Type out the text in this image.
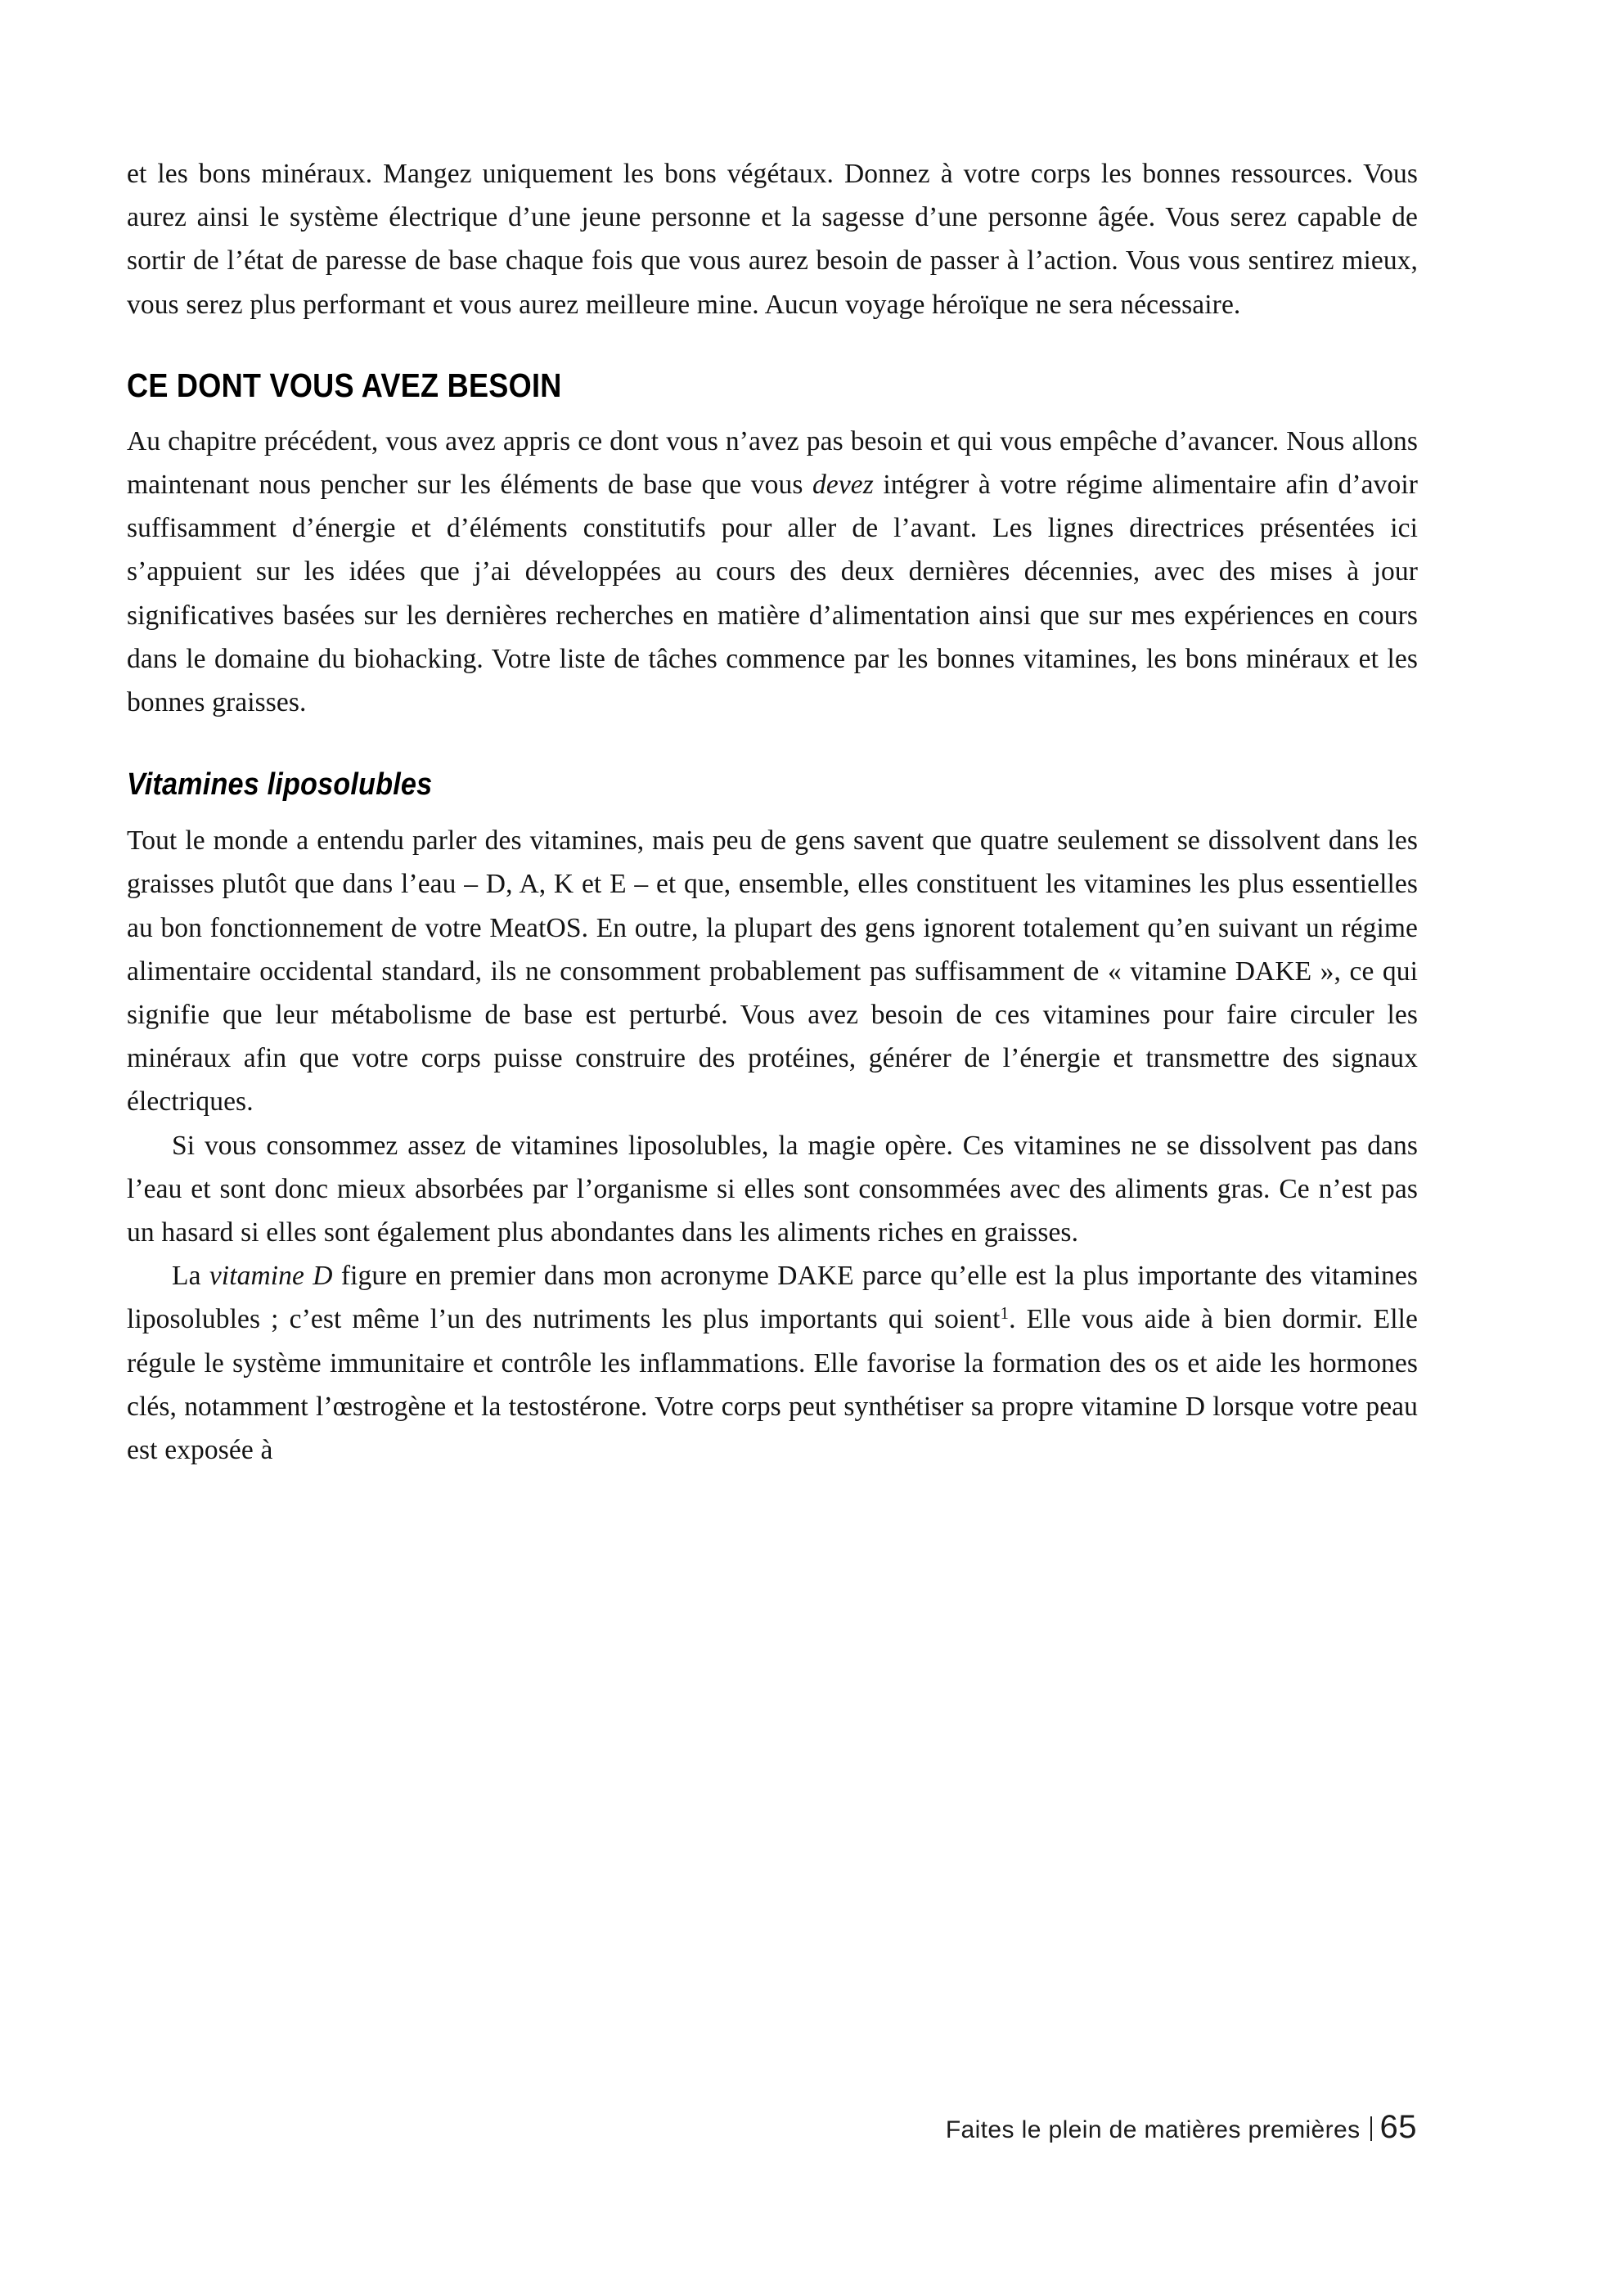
et les bons minéraux. Mangez uniquement les bons végétaux. Donnez à votre corps les bonnes ressources. Vous aurez ainsi le système électrique d’une jeune personne et la sagesse d’une personne âgée. Vous serez capable de sortir de l’état de paresse de base chaque fois que vous aurez besoin de passer à l’action. Vous vous sentirez mieux, vous serez plus performant et vous aurez meilleure mine. Aucun voyage héroïque ne sera nécessaire.

CE DONT VOUS AVEZ BESOIN

Au chapitre précédent, vous avez appris ce dont vous n’avez pas besoin et qui vous empêche d’avancer. Nous allons maintenant nous pencher sur les éléments de base que vous devez intégrer à votre régime alimentaire afin d’avoir suffisamment d’énergie et d’éléments constitutifs pour aller de l’avant. Les lignes directrices présentées ici s’appuient sur les idées que j’ai développées au cours des deux dernières décennies, avec des mises à jour significatives basées sur les dernières recherches en matière d’alimentation ainsi que sur mes expériences en cours dans le domaine du biohacking. Votre liste de tâches commence par les bonnes vitamines, les bons minéraux et les bonnes graisses.

Vitamines liposolubles

Tout le monde a entendu parler des vitamines, mais peu de gens savent que quatre seulement se dissolvent dans les graisses plutôt que dans l’eau – D, A, K et E – et que, ensemble, elles constituent les vitamines les plus essentielles au bon fonctionnement de votre MeatOS. En outre, la plupart des gens ignorent totalement qu’en suivant un régime alimentaire occidental standard, ils ne consomment probablement pas suffisamment de « vitamine DAKE », ce qui signifie que leur métabolisme de base est perturbé. Vous avez besoin de ces vitamines pour faire circuler les minéraux afin que votre corps puisse construire des protéines, générer de l’énergie et transmettre des signaux électriques.

Si vous consommez assez de vitamines liposolubles, la magie opère. Ces vitamines ne se dissolvent pas dans l’eau et sont donc mieux absorbées par l’organisme si elles sont consommées avec des aliments gras. Ce n’est pas un hasard si elles sont également plus abondantes dans les aliments riches en graisses.

La vitamine D figure en premier dans mon acronyme DAKE parce qu’elle est la plus importante des vitamines liposolubles ; c’est même l’un des nutriments les plus importants qui soient$^1$. Elle vous aide à bien dormir. Elle régule le système immunitaire et contrôle les inflammations. Elle favorise la formation des os et aide les hormones clés, notamment l’œstrogène et la testostérone. Votre corps peut synthétiser sa propre vitamine D lorsque votre peau est exposée à

Faites le plein de matières premières 65
